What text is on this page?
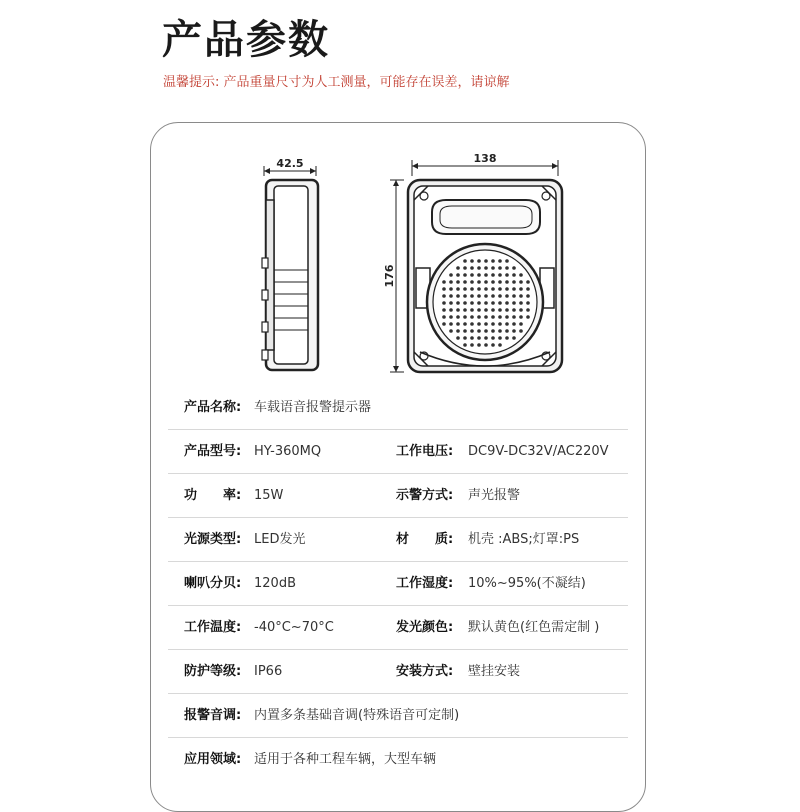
产品参数
温馨提示: 产品重量尺寸为人工测量，可能存在误差，请谅解
42.5	138
176
产品名称: 车载语音报警提示器
产品型号: HY-360MQ	工作电压: DC9V-DC32V/AC220V
功　　率: 15W	示警方式: 声光报警
光源类型: LED发光	材　　质: 机壳 :ABS;灯罩:PS
喇叭分贝: 120dB	工作湿度: 10%~95%(不凝结)
工作温度: -40°C~70°C	发光颜色: 默认黄色(红色需定制 )
防护等级: IP66	安装方式: 壁挂安装
报警音调: 内置多条基础音调(特殊语音可定制)
应用领域: 适用于各种工程车辆，大型车辆
